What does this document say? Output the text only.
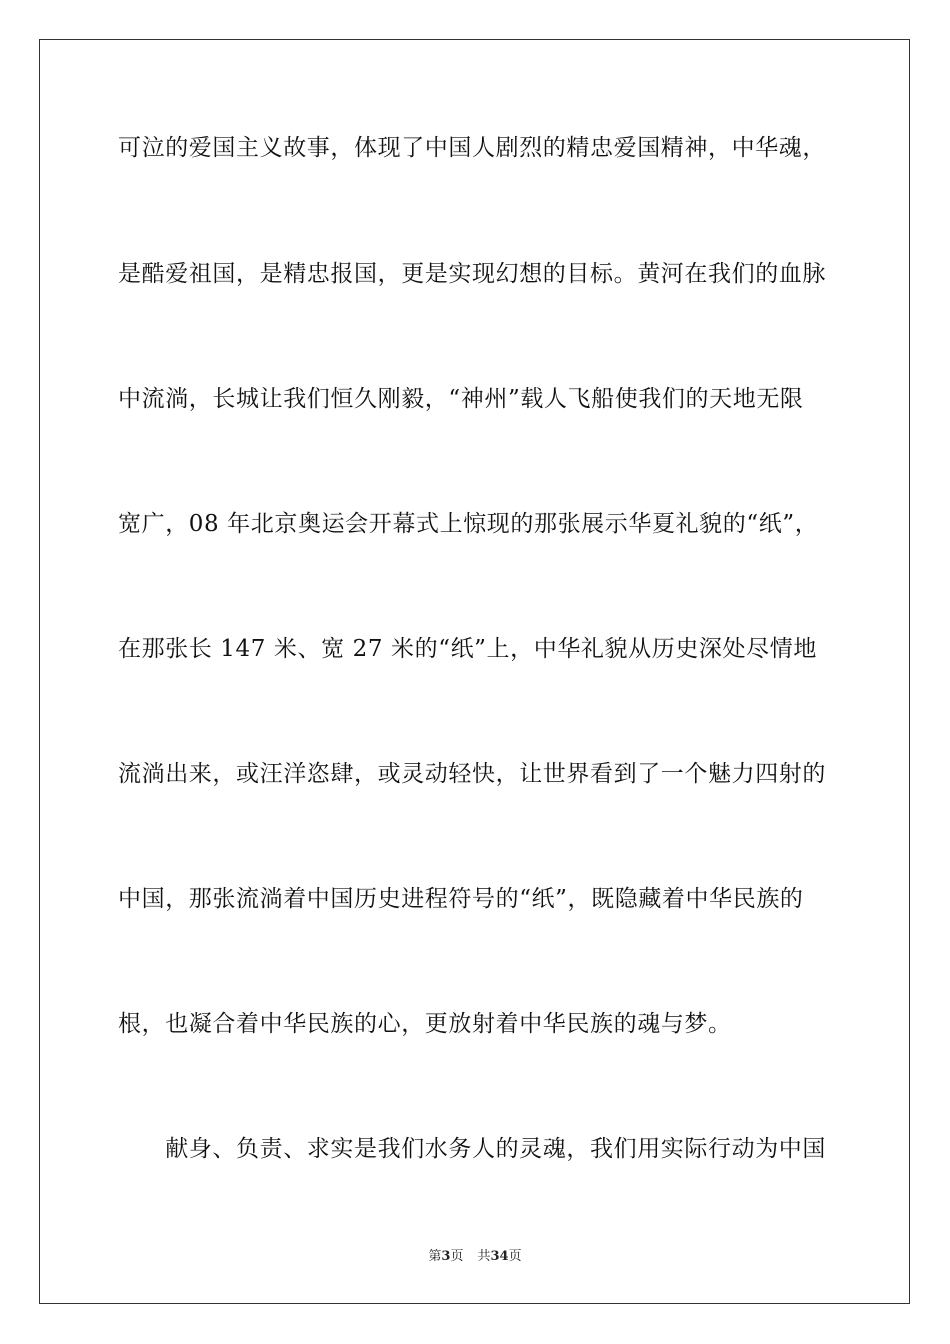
可泣的爱国主义故事，体现了中国人剧烈的精忠爱国精神，中华魂，
是酷爱祖国，是精忠报国，更是实现幻想的目标。黄河在我们的血脉
中流淌，长城让我们恒久刚毅，“神州”载人飞船使我们的天地无限
宽广，08 年北京奥运会开幕式上惊现的那张展示华夏礼貌的“纸”，
在那张长 147 米、宽 27 米的“纸”上，中华礼貌从历史深处尽情地
流淌出来，或汪洋恣肆，或灵动轻快，让世界看到了一个魅力四射的
中国，那张流淌着中国历史进程符号的“纸”，既隐藏着中华民族的
根，也凝合着中华民族的心，更放射着中华民族的魂与梦。
　　献身、负责、求实是我们水务人的灵魂，我们用实际行动为中国
第3页 共34页
